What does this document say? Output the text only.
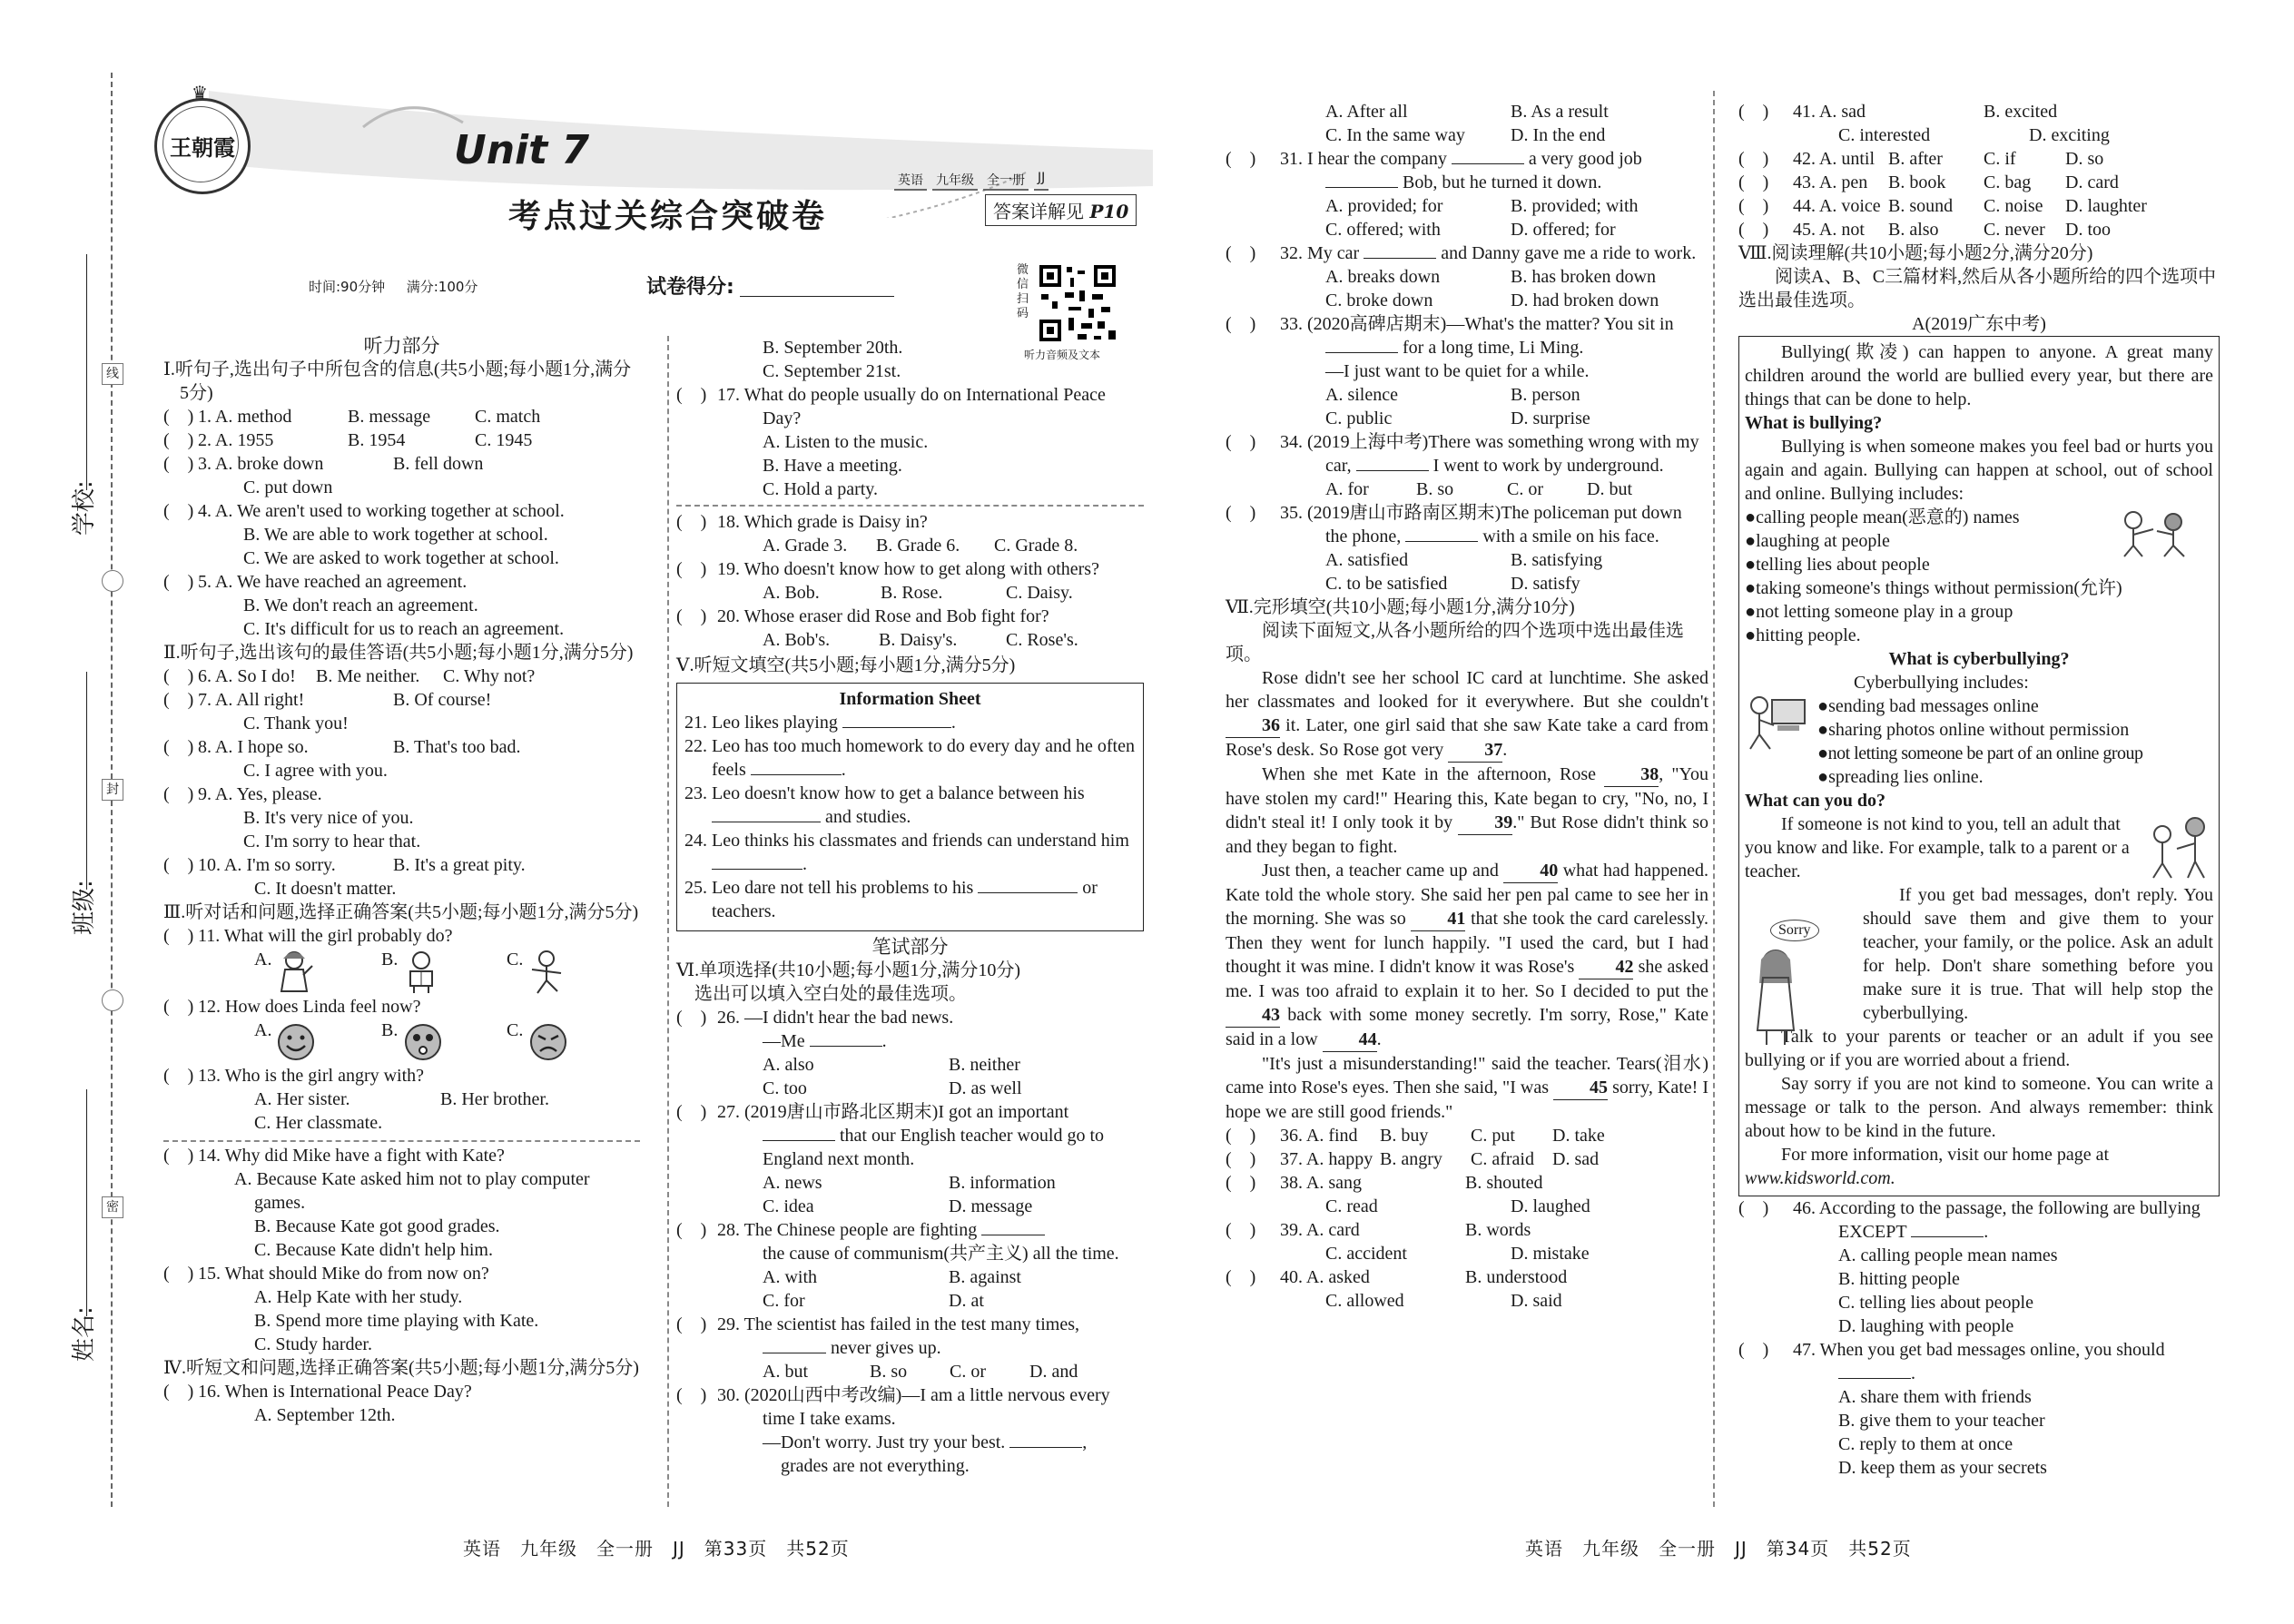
线
封
密
学校:
班级:
姓名:
王朝霞
♛
Unit 7
考点过关综合突破卷
英语 九年级 全一册 JJ
答案详解见 P10
时间:90分钟 满分:100分	试卷得分:
微信扫码
听力音频及文本
听力部分
Ⅰ.听句子,选出句子中所包含的信息(共5小题;每小题1分,满分5分)
(　) 1. A. method	B. message C. match
(　) 2. A. 1955	B. 1954	C. 1945
(　) 3. A. broke down	B. fell down
C. put down
(　) 4. A. We aren't used to working together at school.
B. We are able to work together at school.
C. We are asked to work together at school.
(　) 5. A. We have reached an agreement.
B. We don't reach an agreement.
C. It's difficult for us to reach an agreement.
Ⅱ.听句子,选出该句的最佳答语(共5小题;每小题1分,满分5分)
(　) 6. A. So I do! B. Me neither. C. Why not?
(　) 7. A. All right!	B. Of course!
C. Thank you!
(　) 8. A. I hope so.	B. That's too bad.
C. I agree with you.
(　) 9. A. Yes, please.
B. It's very nice of you.
C. I'm sorry to hear that.
(　) 10. A. I'm so sorry.	B. It's a great pity.
C. It doesn't matter.
Ⅲ.听对话和问题,选择正确答案(共5小题;每小题1分,满分5分)
(　) 11. What will the girl probably do?
A.	B.	C.
(　) 12. How does Linda feel now?
A.	B.	C.
(　) 13. Who is the girl angry with?
A. Her sister.	B. Her brother.
C. Her classmate.
(　) 14. Why did Mike have a fight with Kate?
A. Because Kate asked him not to play computer games.
B. Because Kate got good grades.
C. Because Kate didn't help him.
(　) 15. What should Mike do from now on?
A. Help Kate with her study.
B. Spend more time playing with Kate.
C. Study harder.
Ⅳ.听短文和问题,选择正确答案(共5小题;每小题1分,满分5分)
(　) 16. When is International Peace Day?
A. September 12th.
B. September 20th.
C. September 21st.
(　) 17. What do people usually do on International Peace Day?
A. Listen to the music.
B. Have a meeting.
C. Hold a party.
(　) 18. Which grade is Daisy in?
A. Grade 3. B. Grade 6. C. Grade 8.
(　) 19. Who doesn't know how to get along with others?
A. Bob.	B. Rose.	C. Daisy.
(　) 20. Whose eraser did Rose and Bob fight for?
A. Bob's.	B. Daisy's.	C. Rose's.
Ⅴ.听短文填空(共5小题;每小题1分,满分5分)
Information Sheet
21. Leo likes playing	.
22. Leo has too much homework to do every day and he often feels	.
23. Leo doesn't know how to get a balance between his  and studies.
24. Leo thinks his classmates and friends can understand him .
25. Leo dare not tell his problems to his	or teachers.
笔试部分
Ⅵ.单项选择(共10小题;每小题1分,满分10分)
选出可以填入空白处的最佳选项。
(　) 26. —I didn't hear the bad news.
—Me	.
A. also	B. neither
C. too	D. as well
(　) 27. (2019唐山市路北区期末)I got an important
that our English teacher would go to England next month.
A. news	B. information
C. idea	D. message
(　) 28. The Chinese people are fighting
the cause of communism(共产主义) all the time.
A. with	B. against
C. for	D. at
(　) 29. The scientist has failed in the test many times,
never gives up.
A. but	B. so C. or D. and
(　) 30. (2020山西中考改编)—I am a little nervous every time I take exams.
—Don't worry. Just try your best.	,
grades are not everything.
A. After all	B. As a result
C. In the same way	D. In the end
(　) 31. I hear the company	a very good job
Bob, but he turned it down.
A. provided; for	B. provided; with
C. offered; with	D. offered; for
(　) 32. My car	and Danny gave me a ride to work.
A. breaks down	B. has broken down
C. broke down	D. had broken down
(　) 33. (2020高碑店期末)—What's the matter? You sit in  for a long time, Li Ming.
—I just want to be quiet for a while.
A. silence	B. person
C. public	D. surprise
(　) 34. (2019上海中考)There was something wrong with my car,	I went to work by underground.
A. for	B. so	C. or D. but
(　) 35. (2019唐山市路南区期末)The policeman put down the phone,	with a smile on his face.
A. satisfied	B. satisfying
C. to be satisfied	D. satisfy
Ⅶ.完形填空(共10小题;每小题1分,满分10分)
阅读下面短文,从各小题所给的四个选项中选出最佳选项。
Rose didn't see her school IC card at lunchtime. She asked her classmates and looked for it everywhere. But she couldn't 36 it. Later, one girl said that she saw Kate take a card from Rose's desk. So Rose got very 37.
When she met Kate in the afternoon, Rose 38, "You have stolen my card!" Hearing this, Kate began to cry, "No, no, I didn't steal it! I only took it by 39." But Rose didn't think so and they began to fight.
Just then, a teacher came up and 40 what had happened. Kate told the whole story. She said her pen pal came to see her in the morning. She was so 41 that she took the card carelessly. Then they went for lunch happily. "I used the card, but I had thought it was mine. I didn't know it was Rose's 42 she asked me. I was too afraid to explain it to her. So I decided to put the 43 back with some money secretly. I'm sorry, Rose," Kate said in a low 44.
"It's just a misunderstanding!" said the teacher. Tears(泪水) came into Rose's eyes. Then she said, "I was 45 sorry, Kate! I hope we are still good friends."
(　) 36. A. find B. buy C. put D. take
(　) 37. A. happy B. angry C. afraid D. sad
(　) 38. A. sang	B. shouted
C. read	D. laughed
(　) 39. A. card	B. words
C. accident	D. mistake
(　) 40. A. asked	B. understood
C. allowed	D. said
(　) 41. A. sad	B. excited
C. interested	D. exciting
(　) 42. A. until B. after C. if	D. so
(　) 43. A. pen B. book C. bag D. card
(　) 44. A. voice B. sound C. noise D. laughter
(　) 45. A. not B. also C. never D. too
Ⅷ.阅读理解(共10小题;每小题2分,满分20分)
阅读A、B、C三篇材料,然后从各小题所给的四个选项中选出最佳选项。
A(2019广东中考)
Bullying(欺凌) can happen to anyone. A great many children around the world are bullied every year, but there are things that can be done to help.
What is bullying?
Bullying is when someone makes you feel bad or hurts you again and again. Bullying can happen at school, out of school and online. Bullying includes:
●calling people mean(恶意的) names
●laughing at people
●telling lies about people
●taking someone's things without permission(允许)
●not letting someone play in a group
●hitting people.
What is cyberbullying?
Cyberbullying includes:
●sending bad messages online
●sharing photos online without permission
●not letting someone be part of an online group
●spreading lies online.
What can you do?
If someone is not kind to you, tell an adult that you know and like. For example, talk to a parent or a teacher.
Sorry
If you get bad messages, don't reply. You should save them and give them to your teacher, your family, or the police. Ask an adult for help. Don't share something before you make sure it is true. That will help stop the cyberbullying.
Talk to your parents or teacher or an adult if you see bullying or if you are worried about a friend.
Say sorry if you are not kind to someone. You can write a message or talk to the person. And always remember: think about how to be kind in the future.
For more information, visit our home page at www.kidsworld.com.
(　) 46. According to the passage, the following are bullying EXCEPT	.
A. calling people mean names
B. hitting people
C. telling lies about people
D. laughing with people
(　) 47. When you get bad messages online, you should .
A. share them with friends
B. give them to your teacher
C. reply to them at once
D. keep them as your secrets
英语　九年级　全一册　JJ　第33页　共52页	英语　九年级　全一册　JJ　第34页　共52页
